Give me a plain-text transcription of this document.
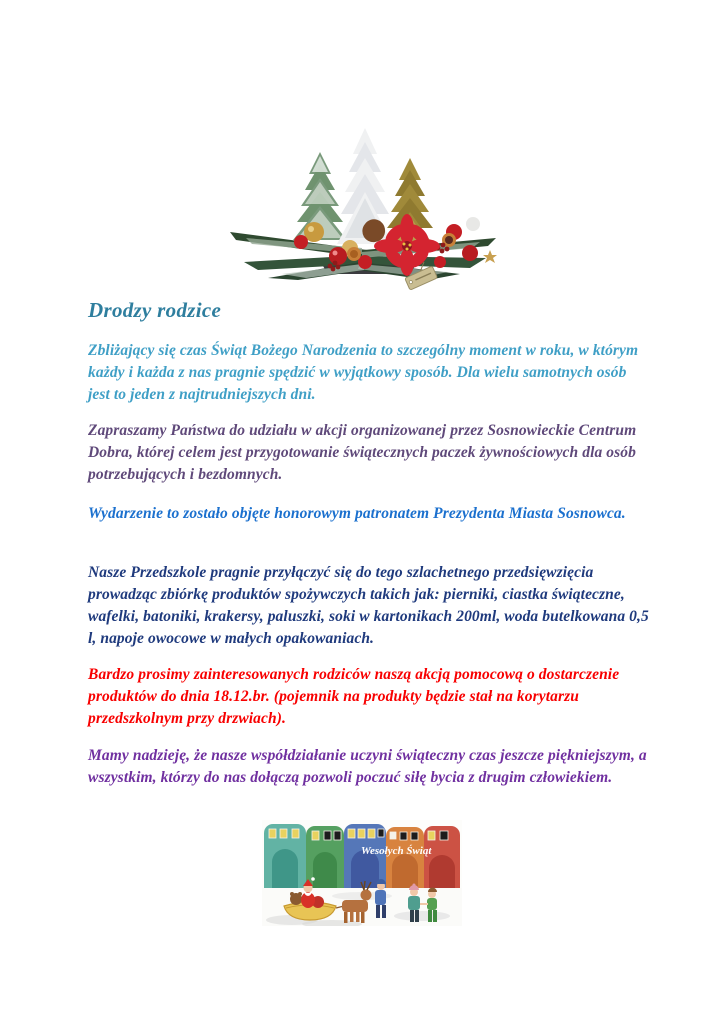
Drodzy rodzice

Zbliżający się czas Świąt Bożego Narodzenia to szczególny moment w roku, w którym każdy i każda z nas pragnie spędzić w wyjątkowy sposób. Dla wielu samotnych osób jest to jeden z najtrudniejszych dni.

Zapraszamy Państwa do udziału w akcji organizowanej przez Sosnowieckie Centrum Dobra, której celem jest przygotowanie świątecznych paczek żywnościowych dla osób potrzebujących i bezdomnych.

Wydarzenie to zostało objęte honorowym patronatem Prezydenta Miasta Sosnowca.

Nasze Przedszkole pragnie przyłączyć się do tego szlachetnego przedsięwzięcia prowadząc zbiórkę produktów spożywczych takich jak: pierniki, ciastka świąteczne, wafelki, batoniki, krakersy, paluszki, soki w kartonikach 200ml, woda butelkowana 0,5 l, napoje owocowe w małych opakowaniach.

Bardzo prosimy zainteresowanych rodziców naszą akcją pomocową o dostarczenie produktów do dnia 18.12.br. (pojemnik na produkty będzie stał na korytarzu przedszkolnym przy drzwiach).

Mamy nadzieję, że nasze współdziałanie uczyni świąteczny czas jeszcze piękniejszym, a wszystkim, którzy do nas dołączą pozwoli poczuć siłę bycia z drugim człowiekiem.

Wesołych Świąt
